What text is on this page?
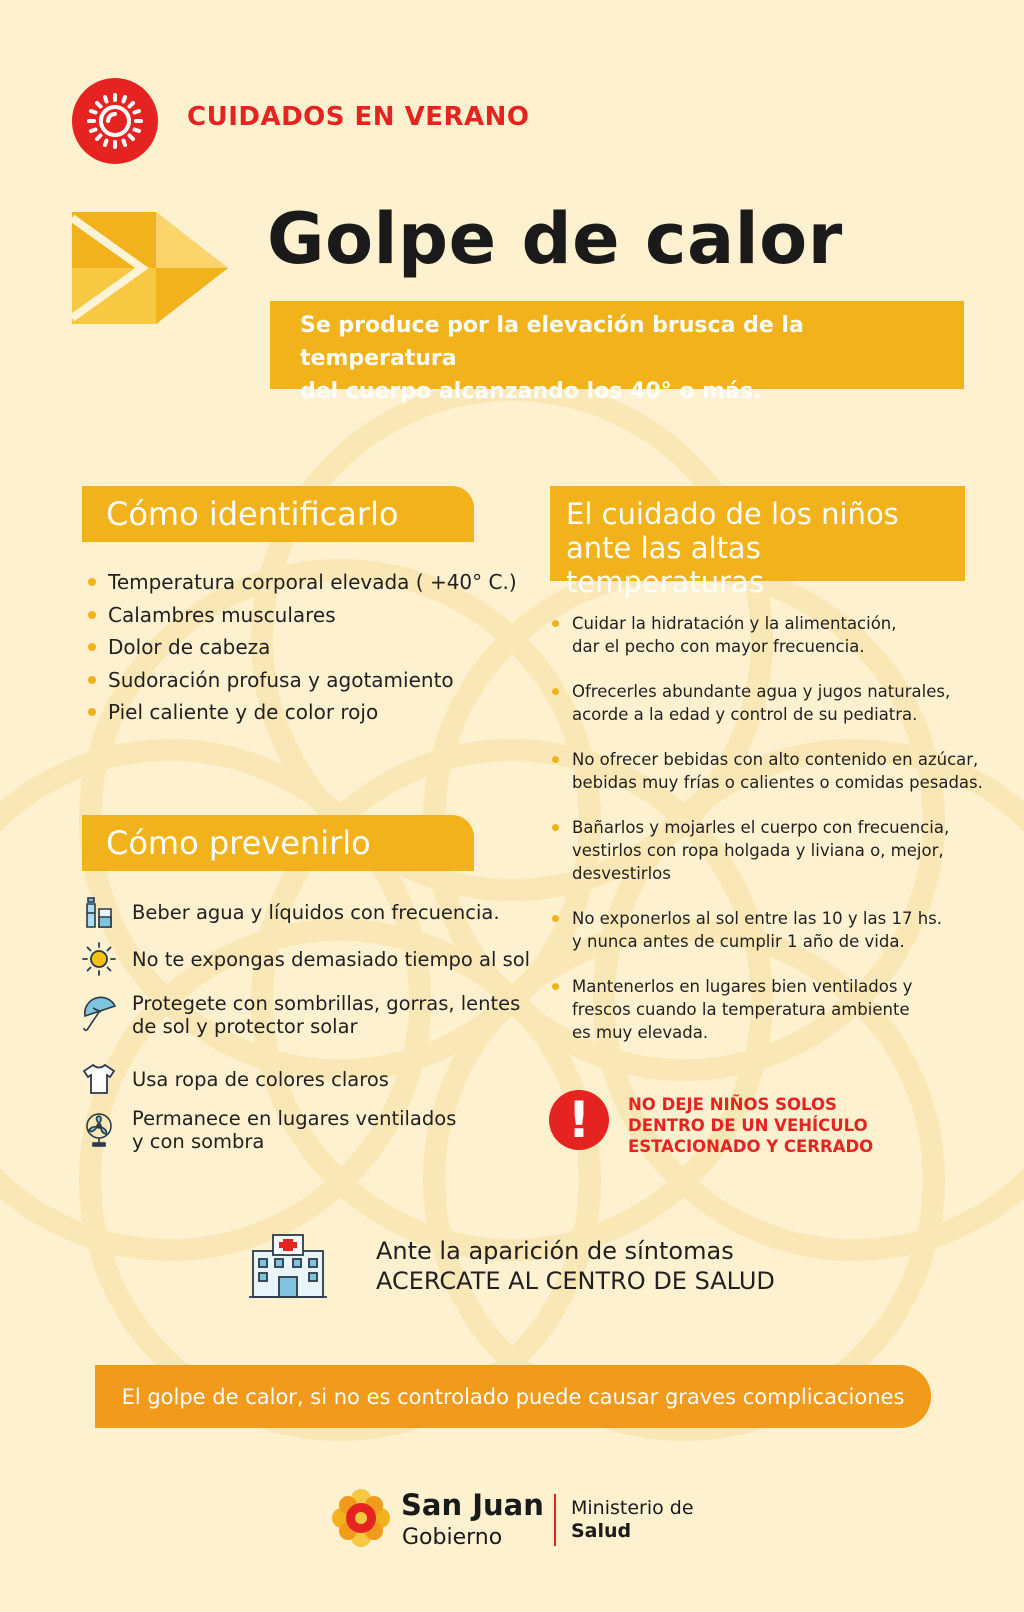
CUIDADOS EN VERANO
Golpe de calor

Se produce por la elevación brusca de la temperatura

del cuerpo alcanzando los 40° o más.

Cómo identificarlo
Temperatura corporal elevada ( +40° C.)
Calambres musculares
Dolor de cabeza
Sudoración profusa y agotamiento
Piel caliente y de color rojo
Cómo prevenirlo
Beber agua y líquidos con frecuencia.
No te expongas demasiado tiempo al sol
Protegete con sombrillas, gorras, lentes
de sol y protector solar
Usa ropa de colores claros
Permanece en lugares ventilados
y con sombra
El cuidado de los niños
ante las altas temperaturas
Cuidar la hidratación y la alimentación,
dar el pecho con mayor frecuencia.
Ofrecerles abundante agua y jugos naturales,
acorde a la edad y control de su pediatra.
No ofrecer bebidas con alto contenido en azúcar,
bebidas muy frías o calientes o comidas pesadas.
Bañarlos y mojarles el cuerpo con frecuencia,
vestirlos con ropa holgada y liviana o, mejor,
desvestirlos
No exponerlos al sol entre las 10 y las 17 hs.
y nunca antes de cumplir 1 año de vida.
Mantenerlos en lugares bien ventilados y
frescos cuando la temperatura ambiente
es muy elevada.
!	NO DEJE NIÑOS SOLOS
DENTRO DE UN VEHÍCULO
ESTACIONADO Y CERRADO
Ante la aparición de síntomas
ACERCATE AL CENTRO DE SALUD
El golpe de calor, si no es controlado puede causar graves complicaciones
San Juan
Gobierno
Ministerio de
Salud
